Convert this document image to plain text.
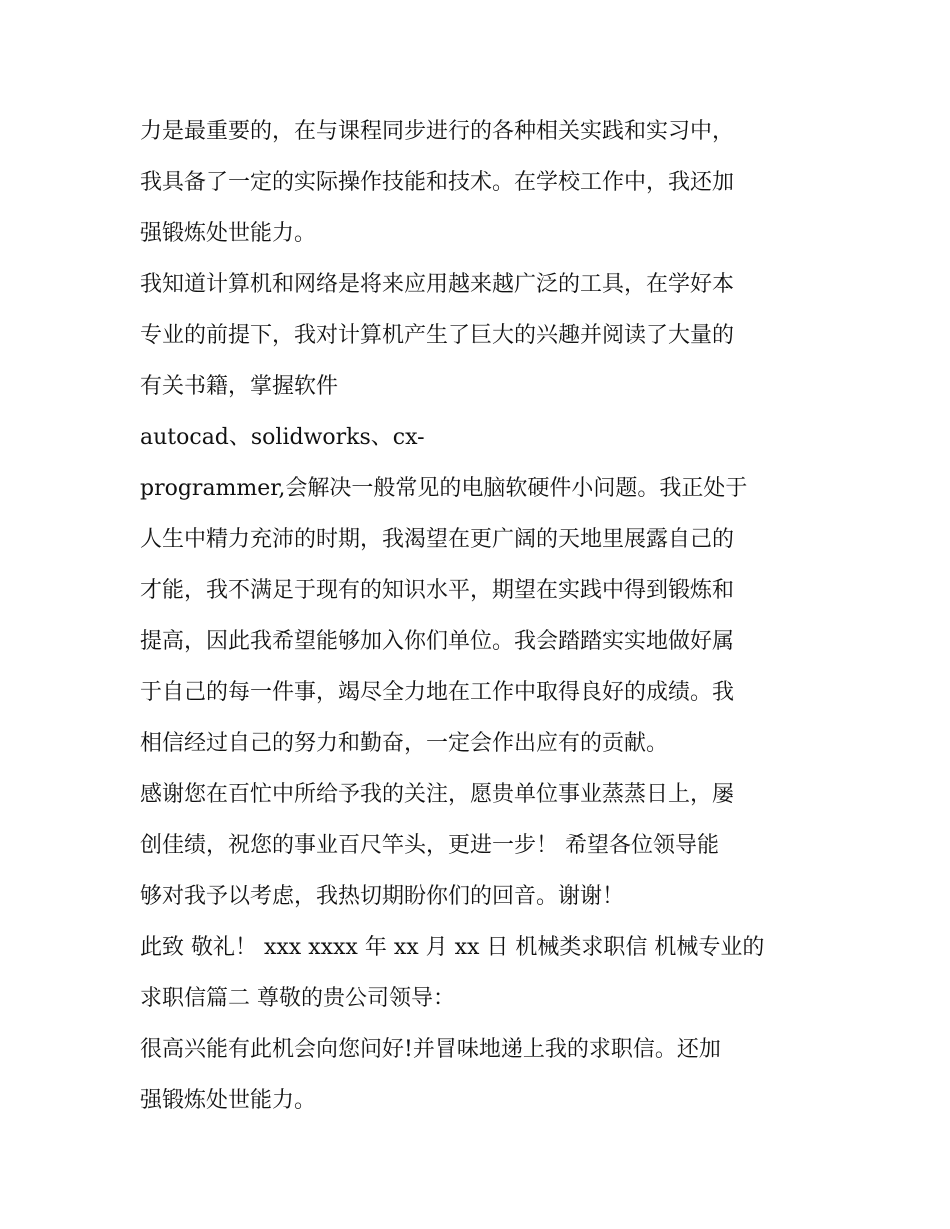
力是最重要的，在与课程同步进行的各种相关实践和实习中，

我具备了一定的实际操作技能和技术。在学校工作中，我还加

强锻炼处世能力。

我知道计算机和网络是将来应用越来越广泛的工具，在学好本

专业的前提下，我对计算机产生了巨大的兴趣并阅读了大量的

有关书籍，掌握软件

autocad、solidworks、cx-

programmer,会解决一般常见的电脑软硬件小问题。我正处于

人生中精力充沛的时期，我渴望在更广阔的天地里展露自己的

才能，我不满足于现有的知识水平，期望在实践中得到锻炼和

提高，因此我希望能够加入你们单位。我会踏踏实实地做好属

于自己的每一件事，竭尽全力地在工作中取得良好的成绩。我

相信经过自己的努力和勤奋，一定会作出应有的贡献。

感谢您在百忙中所给予我的关注，愿贵单位事业蒸蒸日上，屡

创佳绩，祝您的事业百尺竿头，更进一步！ 希望各位领导能

够对我予以考虑，我热切期盼你们的回音。谢谢！

此致 敬礼！ xxx xxxx 年 xx 月 xx 日 机械类求职信 机械专业的

求职信篇二 尊敬的贵公司领导：

很高兴能有此机会向您问好!并冒味地递上我的求职信。还加

强锻炼处世能力。
